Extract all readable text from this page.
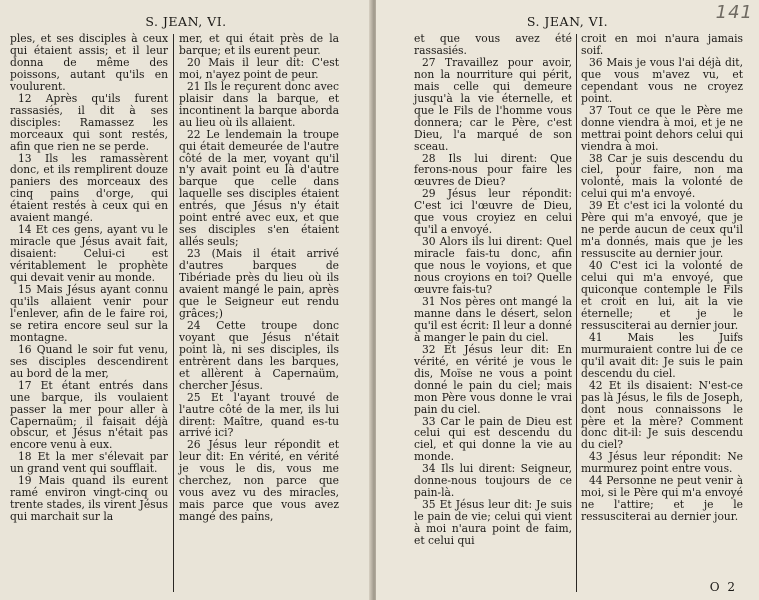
S. JEAN, VI.

ples, et ses disciples à ceux qui étaient assis; et il leur donna de même des poissons, autant qu'ils en voulurent.

12 Après qu'ils furent rassasiés, il dit à ses disciples: Ramassez les morceaux qui sont restés, afin que rien ne se perde.

13 Ils les ramassèrent donc, et ils remplirent douze paniers des morceaux des cinq pains d'orge, qui étaient restés à ceux qui en avaient mangé.

14 Et ces gens, ayant vu le miracle que Jésus avait fait, disaient: Celui-ci est véritablement le prophète qui devait venir au monde.

15 Mais Jésus ayant connu qu'ils allaient venir pour l'enlever, afin de le faire roi, se retira encore seul sur la montagne.

16 Quand le soir fut venu, ses disciples descendirent au bord de la mer,

17 Et étant entrés dans une barque, ils voulaient passer la mer pour aller à Capernaüm; il faisait déjà obscur, et Jésus n'était pas encore venu à eux.

18 Et la mer s'élevait par un grand vent qui soufflait.

19 Mais quand ils eurent ramé environ vingt-cinq ou trente stades, ils virent Jésus qui marchait sur la

mer, et qui était près de la barque; et ils eurent peur.

20 Mais il leur dit: C'est moi, n'ayez point de peur.

21 Ils le reçurent donc avec plaisir dans la barque, et incontinent la barque aborda au lieu où ils allaient.

22 Le lendemain la troupe qui était demeurée de l'autre côté de la mer, voyant qu'il n'y avait point eu là d'autre barque que celle dans laquelle ses disciples étaient entrés, que Jésus n'y était point entré avec eux, et que ses disciples s'en étaient allés seuls;

23 (Mais il était arrivé d'autres barques de Tibériade près du lieu où ils avaient mangé le pain, après que le Seigneur eut rendu grâces;)

24 Cette troupe donc voyant que Jésus n'était point là, ni ses disciples, ils entrèrent dans les barques, et allèrent à Capernaüm, chercher Jésus.

25 Et l'ayant trouvé de l'autre côté de la mer, ils lui dirent: Maître, quand es-tu arrivé ici?

26 Jésus leur répondit et leur dit: En vérité, en vérité je vous le dis, vous me cherchez, non parce que vous avez vu des miracles, mais parce que vous avez mangé des pains,

141
S. JEAN, VI.

et que vous avez été rassasiés.

27 Travaillez pour avoir, non la nourriture qui périt, mais celle qui demeure jusqu'à la vie éternelle, et que le Fils de l'homme vous donnera; car le Père, c'est Dieu, l'a marqué de son sceau.

28 Ils lui dirent: Que ferons-nous pour faire les œuvres de Dieu?

29 Jésus leur répondit: C'est ici l'œuvre de Dieu, que vous croyiez en celui qu'il a envoyé.

30 Alors ils lui dirent: Quel miracle fais-tu donc, afin que nous le voyions, et que nous croyions en toi? Quelle œuvre fais-tu?

31 Nos pères ont mangé la manne dans le désert, selon qu'il est écrit: Il leur a donné à manger le pain du ciel.

32 Et Jésus leur dit: En vérité, en vérité je vous le dis, Moïse ne vous a point donné le pain du ciel; mais mon Père vous donne le vrai pain du ciel.

33 Car le pain de Dieu est celui qui est descendu du ciel, et qui donne la vie au monde.

34 Ils lui dirent: Seigneur, donne-nous toujours de ce pain-là.

35 Et Jésus leur dit: Je suis le pain de vie; celui qui vient à moi n'aura point de faim, et celui qui

croit en moi n'aura jamais soif.

36 Mais je vous l'ai déjà dit, que vous m'avez vu, et cependant vous ne croyez point.

37 Tout ce que le Père me donne viendra à moi, et je ne mettrai point dehors celui qui viendra à moi.

38 Car je suis descendu du ciel, pour faire, non ma volonté, mais la volonté de celui qui m'a envoyé.

39 Et c'est ici la volonté du Père qui m'a envoyé, que je ne perde aucun de ceux qu'il m'a donnés, mais que je les ressuscite au dernier jour.

40 C'est ici la volonté de celui qui m'a envoyé, que quiconque contemple le Fils et croit en lui, ait la vie éternelle; et je le ressusciterai au dernier jour.

41 Mais les Juifs murmuraient contre lui de ce qu'il avait dit: Je suis le pain descendu du ciel.

42 Et ils disaient: N'est-ce pas là Jésus, le fils de Joseph, dont nous connaissons le père et la mère? Comment donc dit-il: Je suis descendu du ciel?

43 Jésus leur répondit: Ne murmurez point entre vous.

44 Personne ne peut venir à moi, si le Père qui m'a envoyé ne l'attire; et je le ressusciterai au dernier jour.

O 2
